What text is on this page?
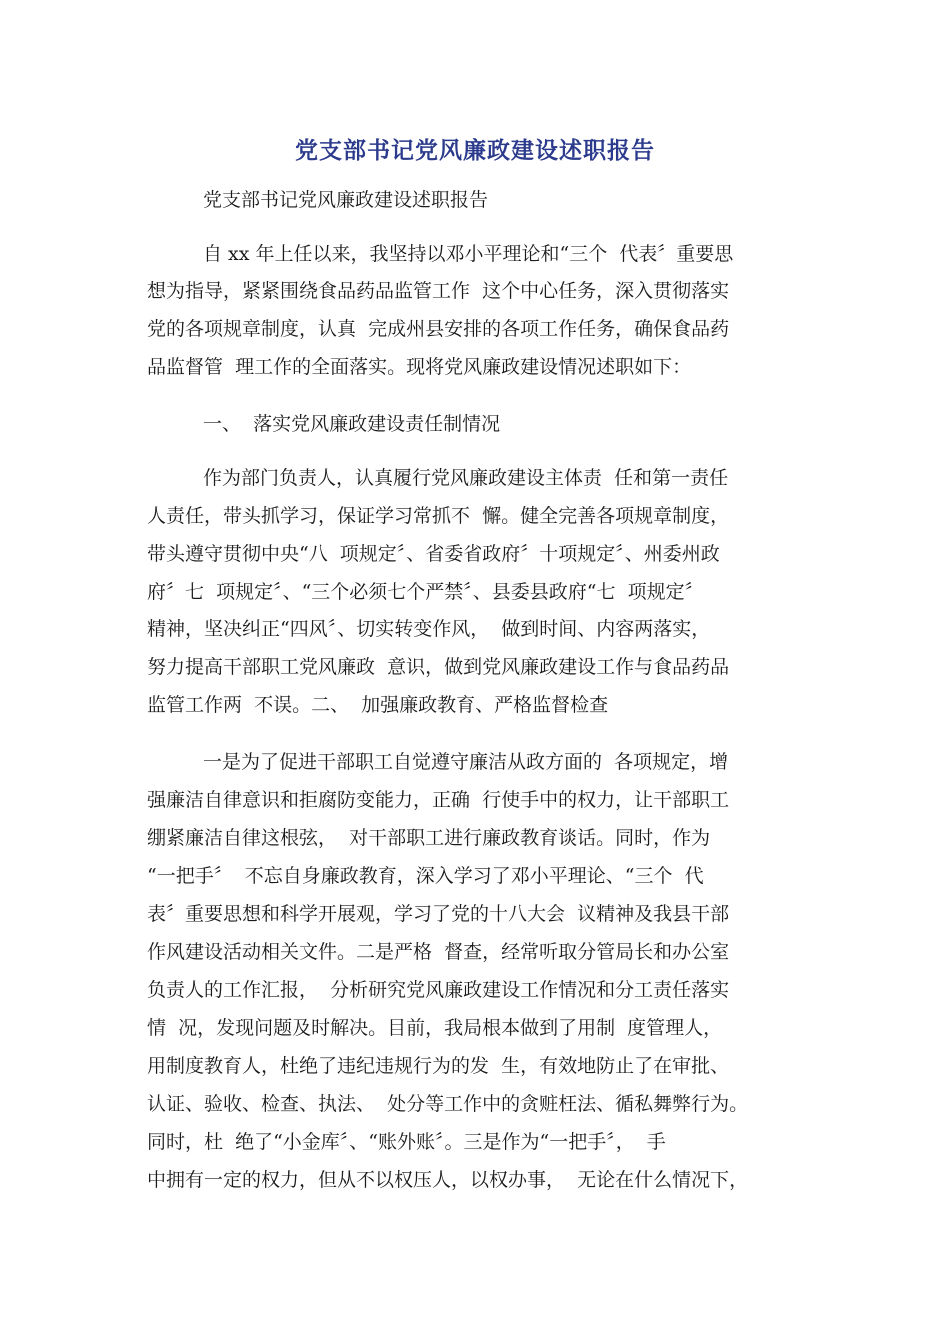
党支部书记党风廉政建设述职报告
党支部书记党风廉政建设述职报告
自 xx 年上任以来，我坚持以邓小平理论和“三个  代表〞重要思
想为指导，紧紧围绕食品药品监管工作  这个中心任务，深入贯彻落实
党的各项规章制度，认真  完成州县安排的各项工作任务，确保食品药
品监督管  理工作的全面落实。现将党风廉政建设情况述职如下：
一、  落实党风廉政建设责任制情况
作为部门负责人，认真履行党风廉政建设主体责  任和第一责任
人责任，带头抓学习，保证学习常抓不  懈。健全完善各项规章制度，
带头遵守贯彻中央“八  项规定〞、省委省政府〞十项规定〞、州委州政
府〞七  项规定〞、“三个必须七个严禁〞、县委县政府“七  项规定〞
精神，坚决纠正“四风〞、切实转变作风，  做到时间、内容两落实，
努力提高干部职工党风廉政  意识，做到党风廉政建设工作与食品药品
监管工作两  不误。二、  加强廉政教育、严格监督检查
一是为了促进干部职工自觉遵守廉洁从政方面的  各项规定，增
强廉洁自律意识和拒腐防变能力，正确  行使手中的权力，让干部职工
绷紧廉洁自律这根弦，  对干部职工进行廉政教育谈话。同时，作为
“一把手〞  不忘自身廉政教育，深入学习了邓小平理论、“三个  代
表〞重要思想和科学开展观，学习了党的十八大会  议精神及我县干部
作风建设活动相关文件。二是严格  督查，经常听取分管局长和办公室
负责人的工作汇报，  分析研究党风廉政建设工作情况和分工责任落实
情  况，发现问题及时解决。目前，我局根本做到了用制  度管理人，
用制度教育人，杜绝了违纪违规行为的发  生，有效地防止了在审批、
认证、验收、检查、执法、  处分等工作中的贪赃枉法、循私舞弊行为。
同时，杜  绝了“小金库〞、“账外账〞。三是作为“一把手〞，  手
中拥有一定的权力，但从不以权压人，以权办事，  无论在什么情况下，
